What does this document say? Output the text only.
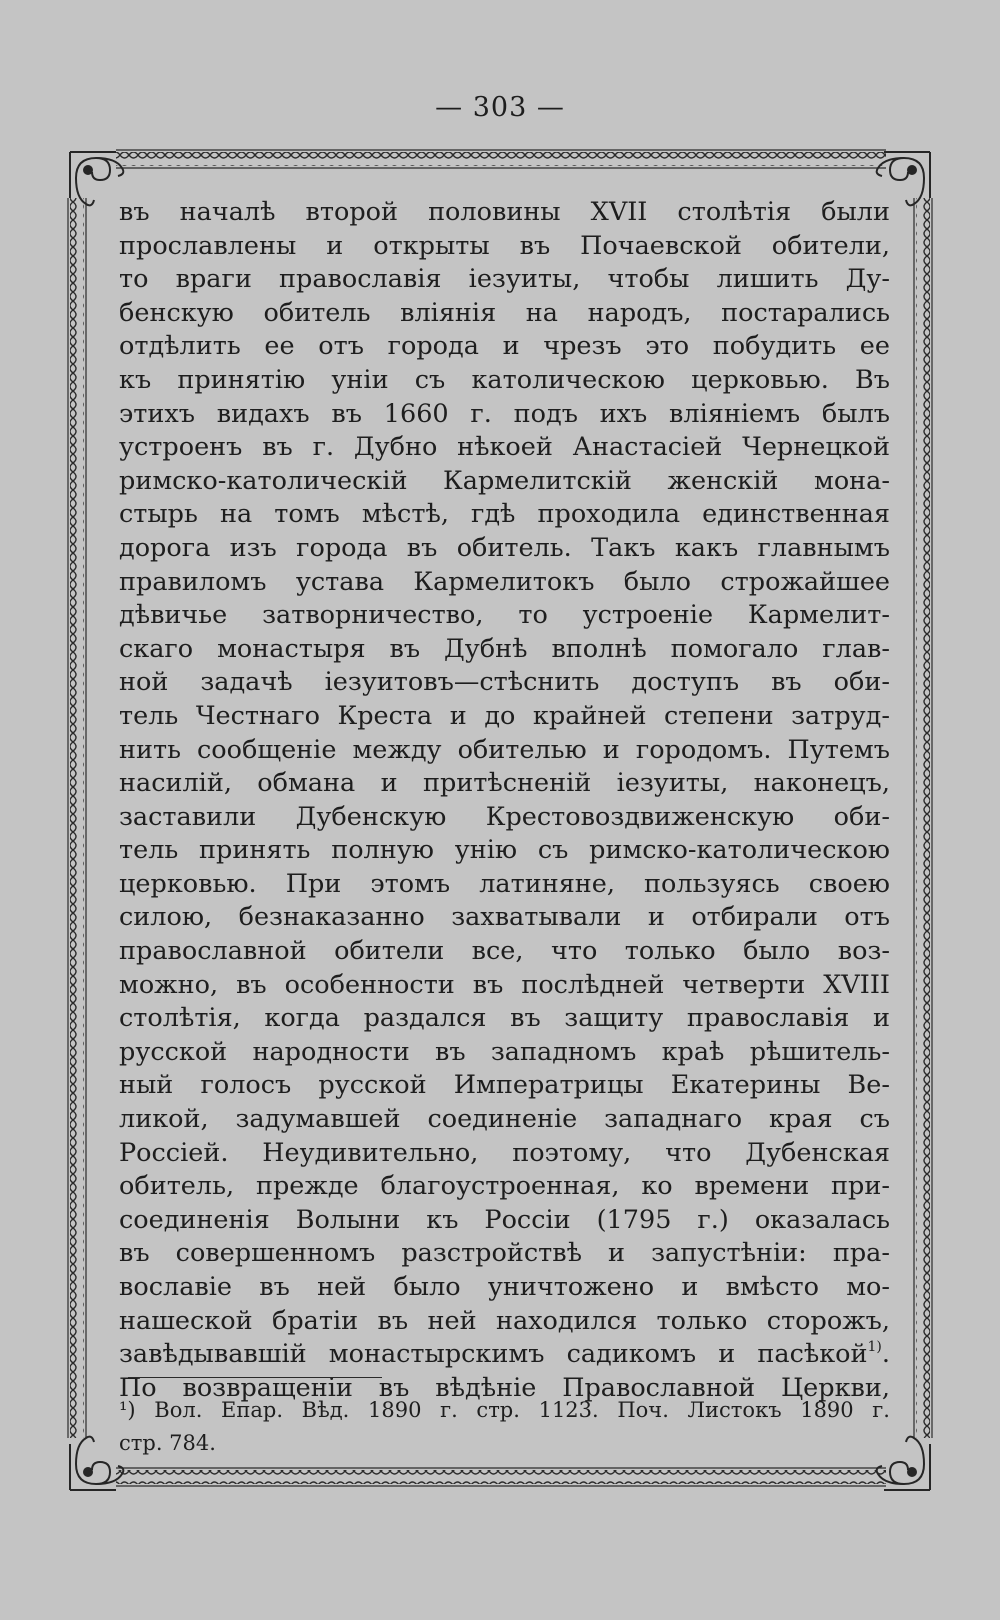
— 303 —
въ началѣ второй половины XVII столѣтія были
прославлены и открыты въ Почаевской обители,
то враги православія іезуиты, чтобы лишить Ду-
бенскую обитель вліянія на народъ, постарались
отдѣлить ее отъ города и чрезъ это побудить ее
къ принятію уніи съ католическою церковью. Въ
этихъ видахъ въ 1660 г. подъ ихъ вліяніемъ былъ
устроенъ въ г. Дубно нѣкоей Анастасіей Чернецкой
римско-католическій Кармелитскій женскій мона-
стырь на томъ мѣстѣ, гдѣ проходила единственная
дорога изъ города въ обитель. Такъ какъ главнымъ
правиломъ устава Кармелитокъ было строжайшее
дѣвичье затворничество, то устроеніе Кармелит-
скаго монастыря въ Дубнѣ вполнѣ помогало глав-
ной задачѣ іезуитовъ—стѣснить доступъ въ оби-
тель Честнаго Креста и до крайней степени затруд-
нить сообщеніе между обителью и городомъ. Путемъ
насилій, обмана и притѣсненій іезуиты, наконецъ,
заставили Дубенскую Крестовоздвиженскую оби-
тель принять полную унію съ римско-католическою
церковью. При этомъ латиняне, пользуясь своею
силою, безнаказанно захватывали и отбирали отъ
православной обители все, что только было воз-
можно, въ особенности въ послѣдней четверти XVIII
столѣтія, когда раздался въ защиту православія и
русской народности въ западномъ краѣ рѣшитель-
ный голосъ русской Императрицы Екатерины Ве-
ликой, задумавшей соединеніе западнаго края съ
Россіей. Неудивительно, поэтому, что Дубенская
обитель, прежде благоустроенная, ко времени при-
соединенія Волыни къ Россіи (1795 г.) оказалась
въ совершенномъ разстройствѣ и запустѣніи: пра-
вославіе въ ней было уничтожено и вмѣсто мо-
нашеской братіи въ ней находился только сторожъ,
завѣдывавшій монастырскимъ садикомъ и пасѣкой$^{1)}$.
По возвращеніи въ вѣдѣніе Православной Церкви,
¹) Вол. Епар. Вѣд. 1890 г. стр. 1123. Поч. Листокъ 1890 г.
стр. 784.
